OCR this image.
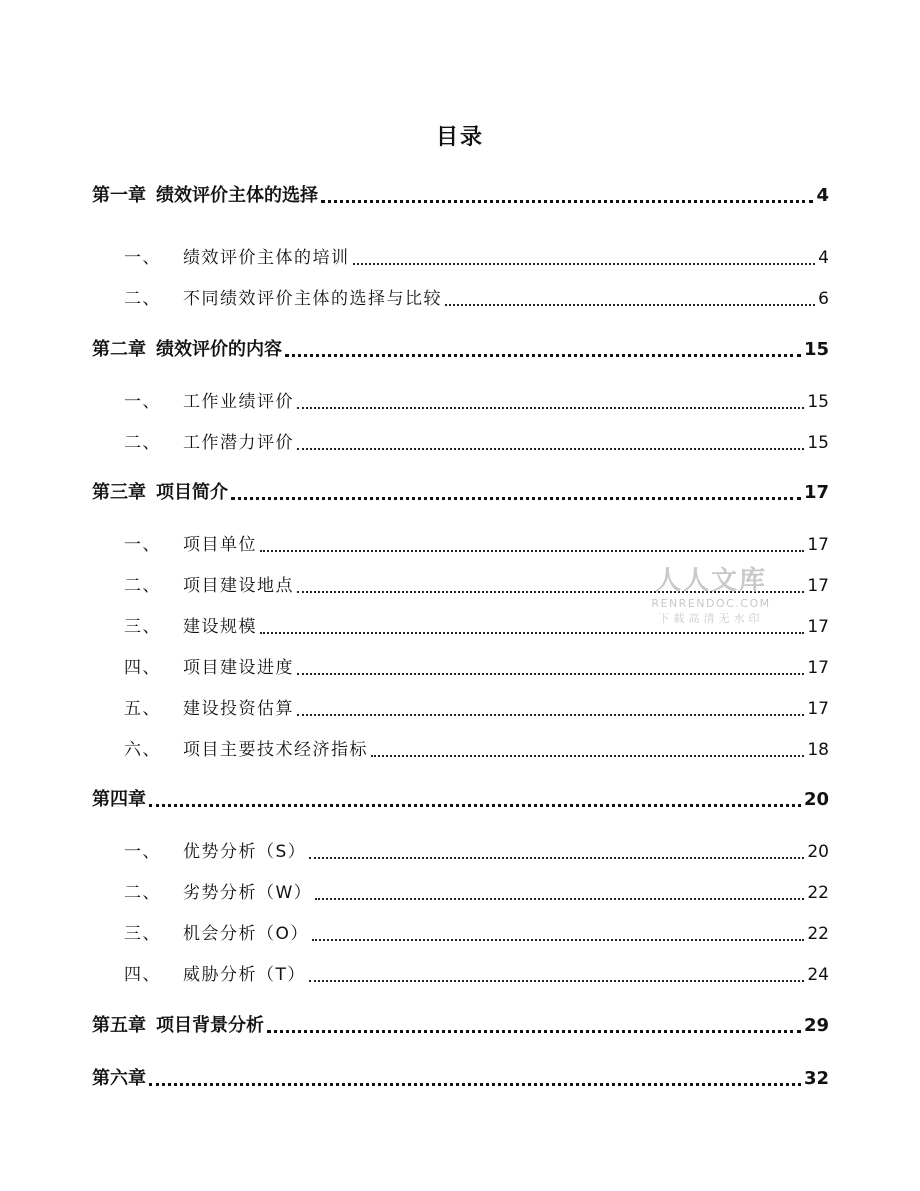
目录
第一章 绩效评价主体的选择	4
一、 绩效评价主体的培训	4
二、 不同绩效评价主体的选择与比较	6
第二章 绩效评价的内容	15
一、 工作业绩评价	15
二、 工作潜力评价	15
第三章 项目简介	17
一、 项目单位	17
二、 项目建设地点	17
三、 建设规模	17
四、 项目建设进度	17
五、 建设投资估算	17
六、 项目主要技术经济指标	18
第四章	20
一、 优势分析（S）	20
二、 劣势分析（W）	22
三、 机会分析（O）	22
四、 威胁分析（T）	24
第五章 项目背景分析	29
第六章	32
人人文库
RENRENDOC.COM
下载高清无水印
